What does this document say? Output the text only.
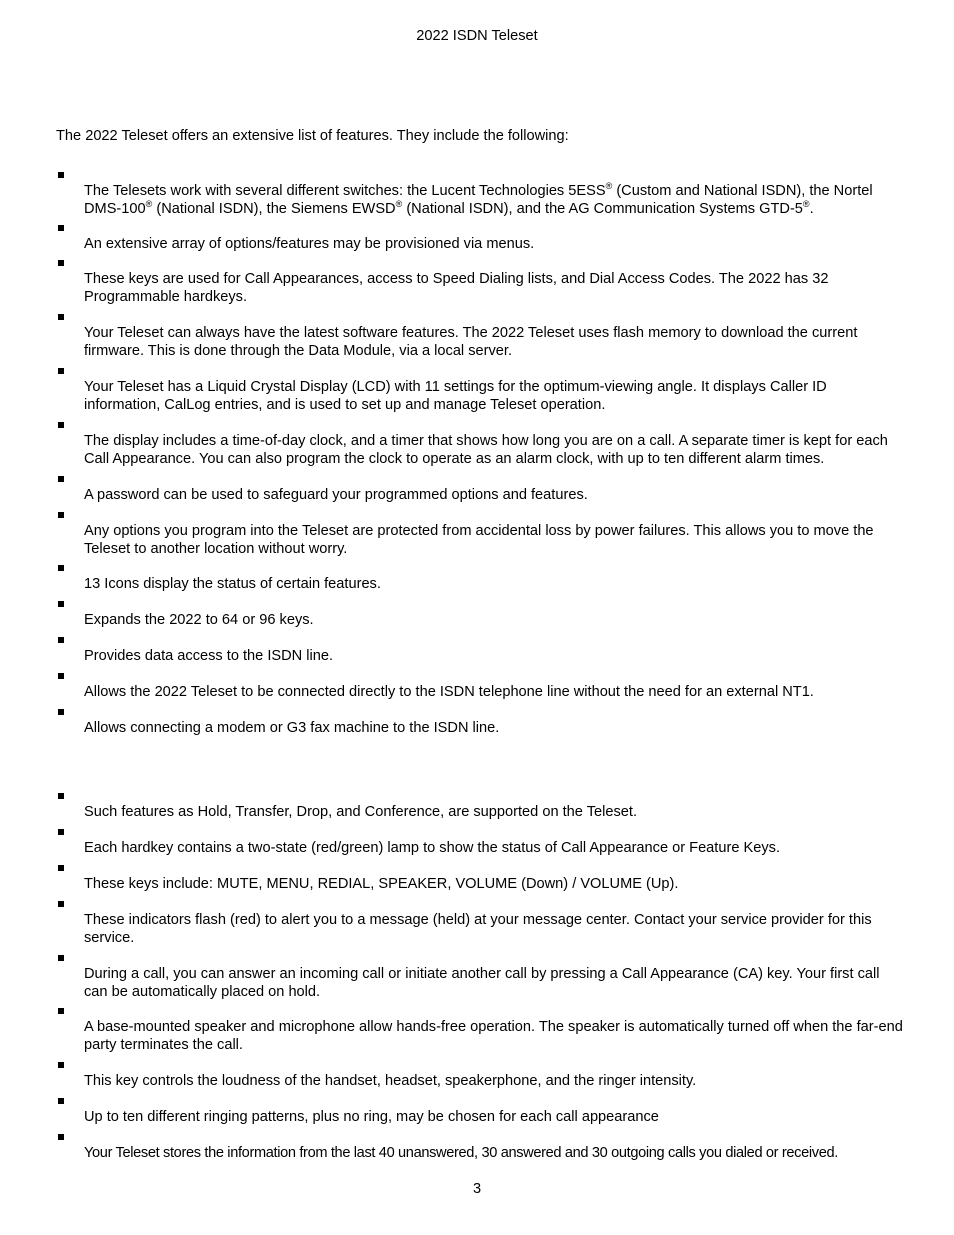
2022 ISDN Teleset
The 2022 Teleset offers an extensive list of features. They include the following:
The Telesets work with several different switches: the Lucent Technologies 5ESS® (Custom and National ISDN), the Nortel DMS-100® (National ISDN), the Siemens EWSD® (National ISDN), and the AG Communication Systems GTD-5®.
An extensive array of options/features may be provisioned via menus.
These keys are used for Call Appearances, access to Speed Dialing lists, and Dial Access Codes. The 2022 has 32 Programmable hardkeys.
Your Teleset can always have the latest software features. The 2022 Teleset uses flash memory to download the current firmware. This is done through the Data Module, via a local server.
Your Teleset has a Liquid Crystal Display (LCD) with 11 settings for the optimum-viewing angle. It displays Caller ID information, CalLog entries, and is used to set up and manage Teleset operation.
The display includes a time-of-day clock, and a timer that shows how long you are on a call. A separate timer is kept for each Call Appearance. You can also program the clock to operate as an alarm clock, with up to ten different alarm times.
A password can be used to safeguard your programmed options and features.
Any options you program into the Teleset are protected from accidental loss by power failures. This allows you to move the Teleset to another location without worry.
13 Icons display the status of certain features.
Expands the 2022 to 64 or 96 keys.
Provides data access to the ISDN line.
Allows the 2022 Teleset to be connected directly to the ISDN telephone line without the need for an external NT1.
Allows connecting a modem or G3 fax machine to the ISDN line.
Such features as Hold, Transfer, Drop, and Conference, are supported on the Teleset.
Each hardkey contains a two-state (red/green) lamp to show the status of Call Appearance or Feature Keys.
These keys include: MUTE, MENU, REDIAL, SPEAKER, VOLUME (Down) / VOLUME (Up).
These indicators flash (red) to alert you to a message (held) at your message center. Contact your service provider for this service.
During a call, you can answer an incoming call or initiate another call by pressing a Call Appearance (CA) key. Your first call can be automatically placed on hold.
A base-mounted speaker and microphone allow hands-free operation. The speaker is automatically turned off when the far-end party terminates the call.
This key controls the loudness of the handset, headset, speakerphone, and the ringer intensity.
Up to ten different ringing patterns, plus no ring, may be chosen for each call appearance
Your Teleset stores the information from the last 40 unanswered, 30 answered and 30 outgoing calls you dialed or received.
3
